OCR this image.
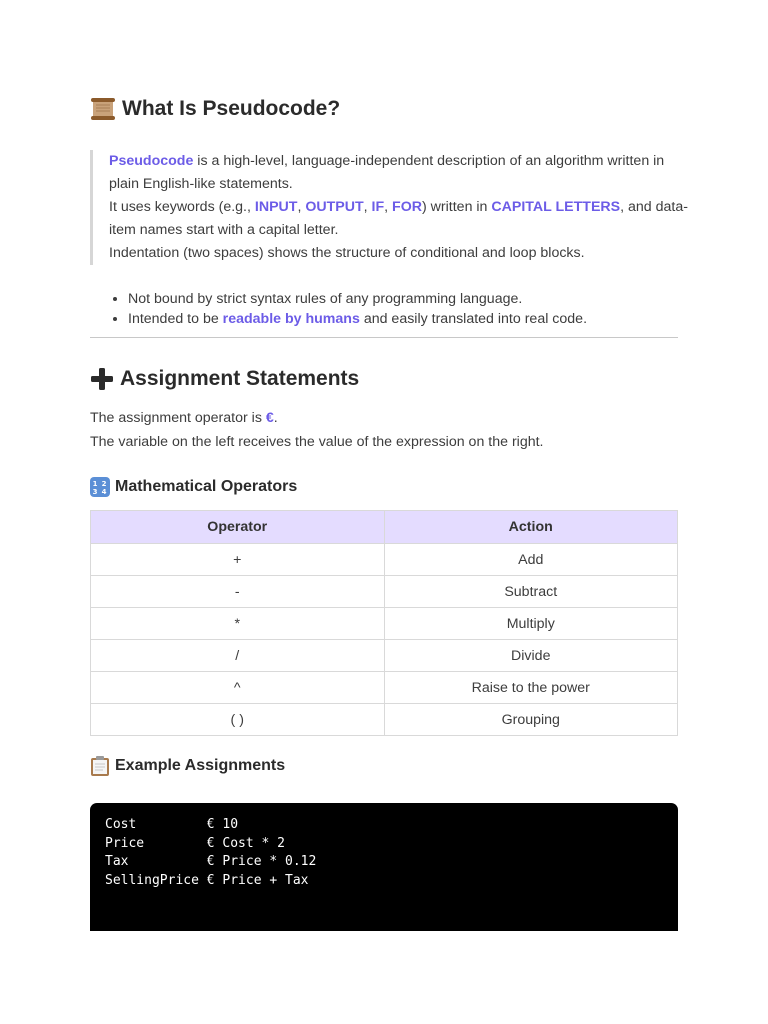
What Is Pseudocode?

Pseudocode is a high-level, language-independent description of an algorithm written in plain English-like statements.

It uses keywords (e.g., INPUT, OUTPUT, IF, FOR) written in CAPITAL LETTERS, and data-item names start with a capital letter.

Indentation (two spaces) shows the structure of conditional and loop blocks.

• Not bound by strict syntax rules of any programming language.
• Intended to be readable by humans and easily translated into real code.
Assignment Statements

The assignment operator is €.

The variable on the left receives the value of the expression on the right.

1 2
3 4 Mathematical Operators
Operator	Action
+	Add
-	Subtract
*	Multiply
/	Divide
^	Raise to the power
( )	Grouping
Example Assignments
Cost         € 10
Price        € Cost * 2
Tax          € Price * 0.12
SellingPrice € Price + Tax
